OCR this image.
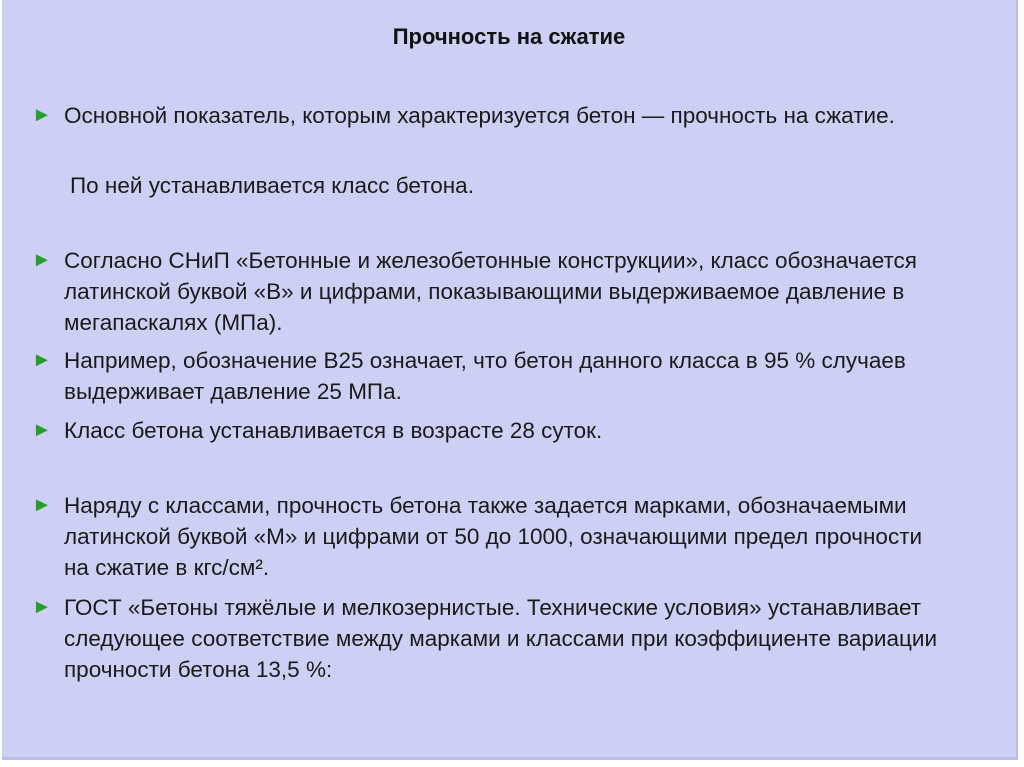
Прочность на сжатие
► Основной показатель, которым характеризуется бетон — прочность на сжатие.
По ней устанавливается класс бетона.
► Согласно СНиП «Бетонные и железобетонные конструкции», класс обозначается латинской буквой «В» и цифрами, показывающими выдерживаемое давление в мегапаскалях (МПа).
► Например, обозначение В25 означает, что бетон данного класса в 95 % случаев выдерживает давление 25 МПа.
► Класс бетона устанавливается в возрасте 28 суток.
► Наряду с классами, прочность бетона также задается марками, обозначаемыми латинской буквой «М» и цифрами от 50 до 1000, означающими предел прочности на сжатие в кгс/см².
► ГОСТ «Бетоны тяжёлые и мелкозернистые. Технические условия» устанавливает следующее соответствие между марками и классами при коэффициенте вариации прочности бетона 13,5 %:
